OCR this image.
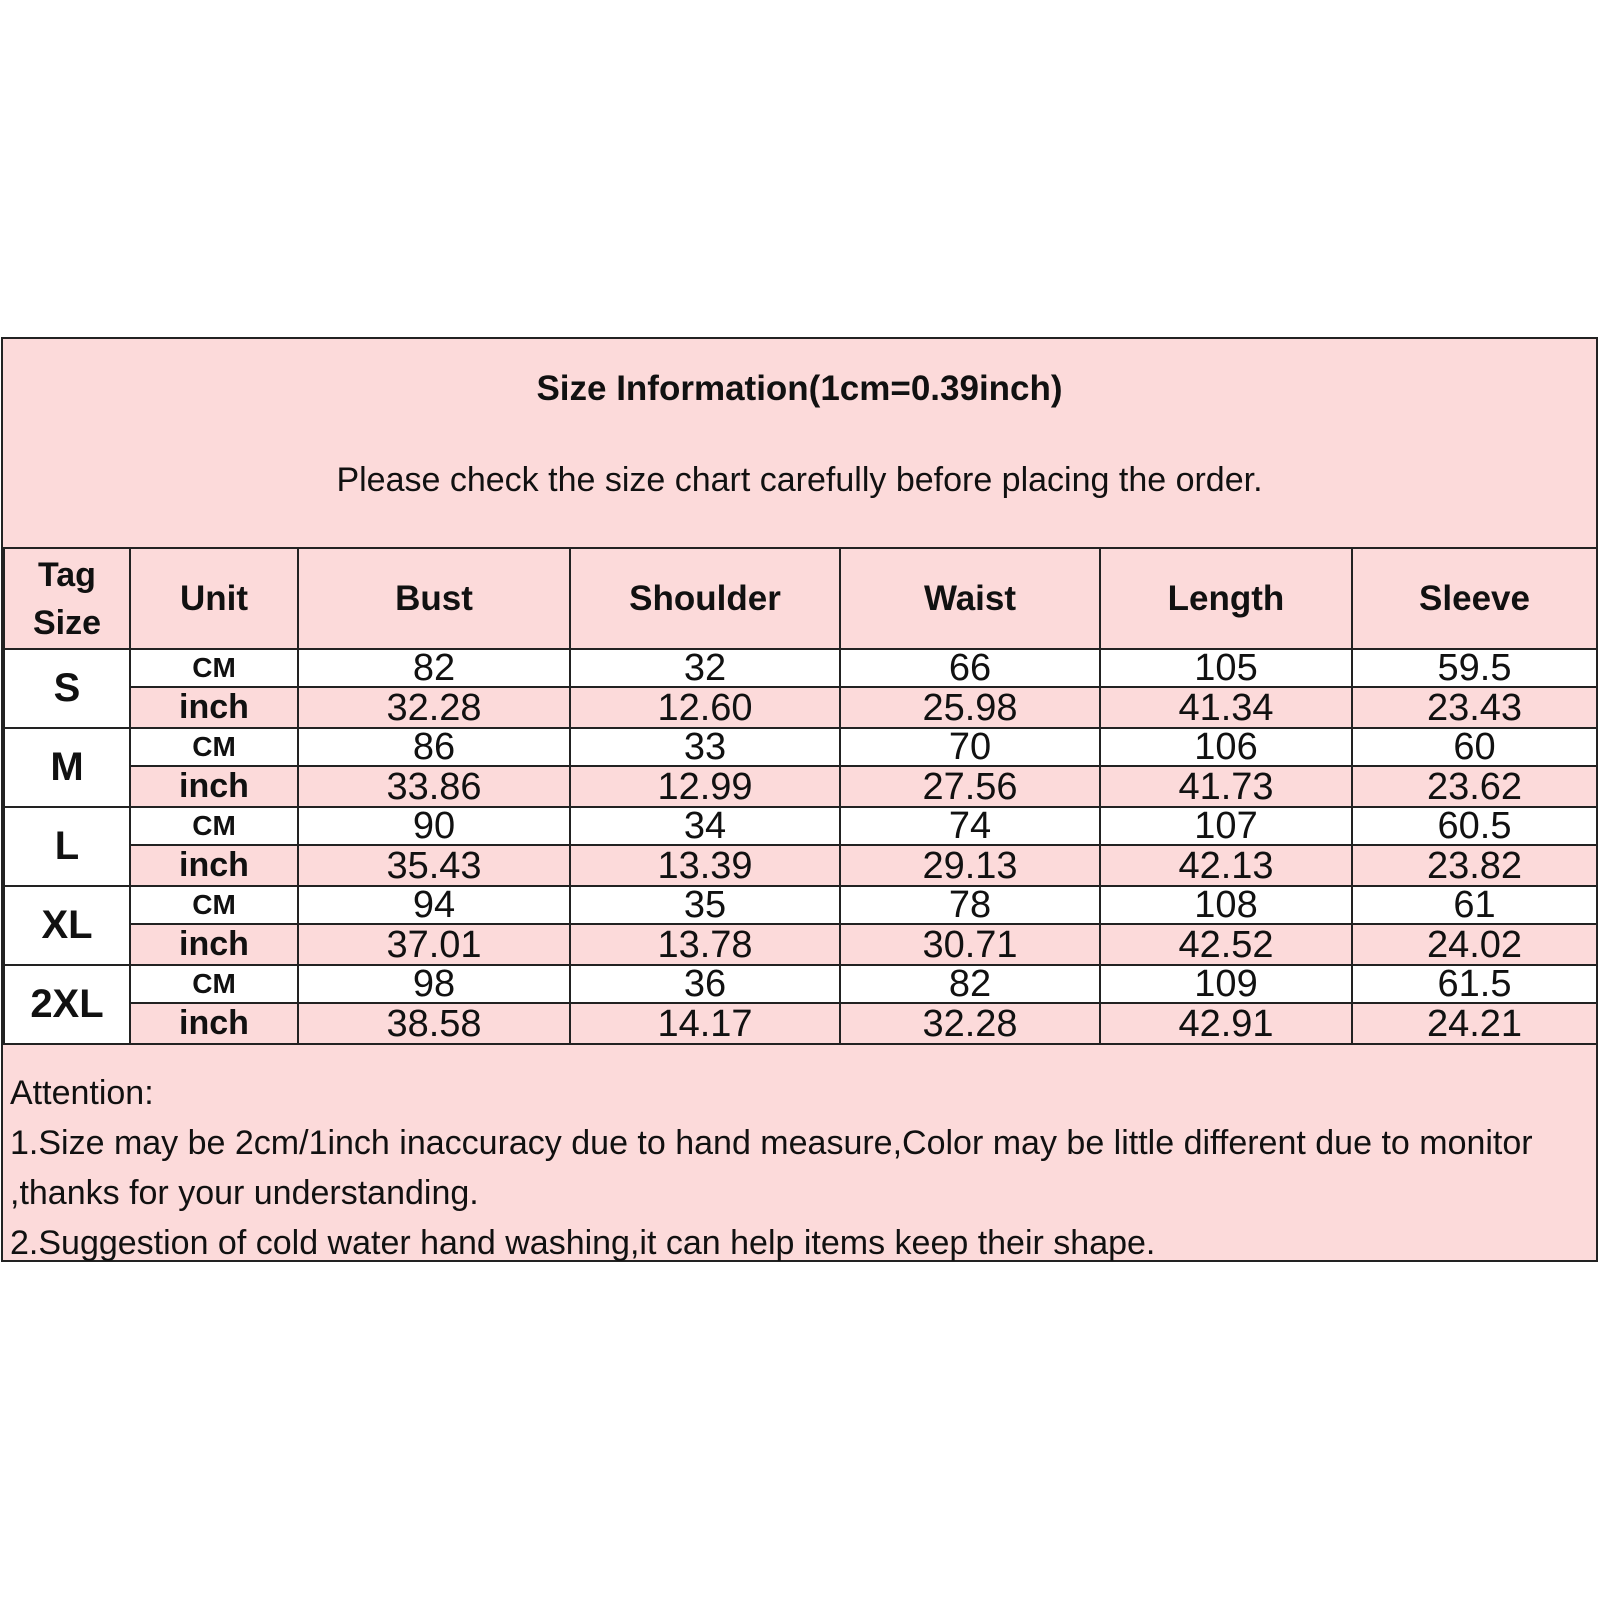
Size Information(1cm=0.39inch)
Please check the size chart carefully before placing the order.
Tag Size	Unit	Bust	Shoulder	Waist	Length	Sleeve
S	CM	82	32	66	105	59.5
	inch	32.28	12.60	25.98	41.34	23.43
M	CM	86	33	70	106	60
	inch	33.86	12.99	27.56	41.73	23.62
L	CM	90	34	74	107	60.5
	inch	35.43	13.39	29.13	42.13	23.82
XL	CM	94	35	78	108	61
	inch	37.01	13.78	30.71	42.52	24.02
2XL	CM	98	36	82	109	61.5
	inch	38.58	14.17	32.28	42.91	24.21
Attention:
1.Size may be 2cm/1inch inaccuracy due to hand measure,Color may be little different due to monitor ,thanks for your understanding.
2.Suggestion of cold water hand washing,it can help items keep their shape.
